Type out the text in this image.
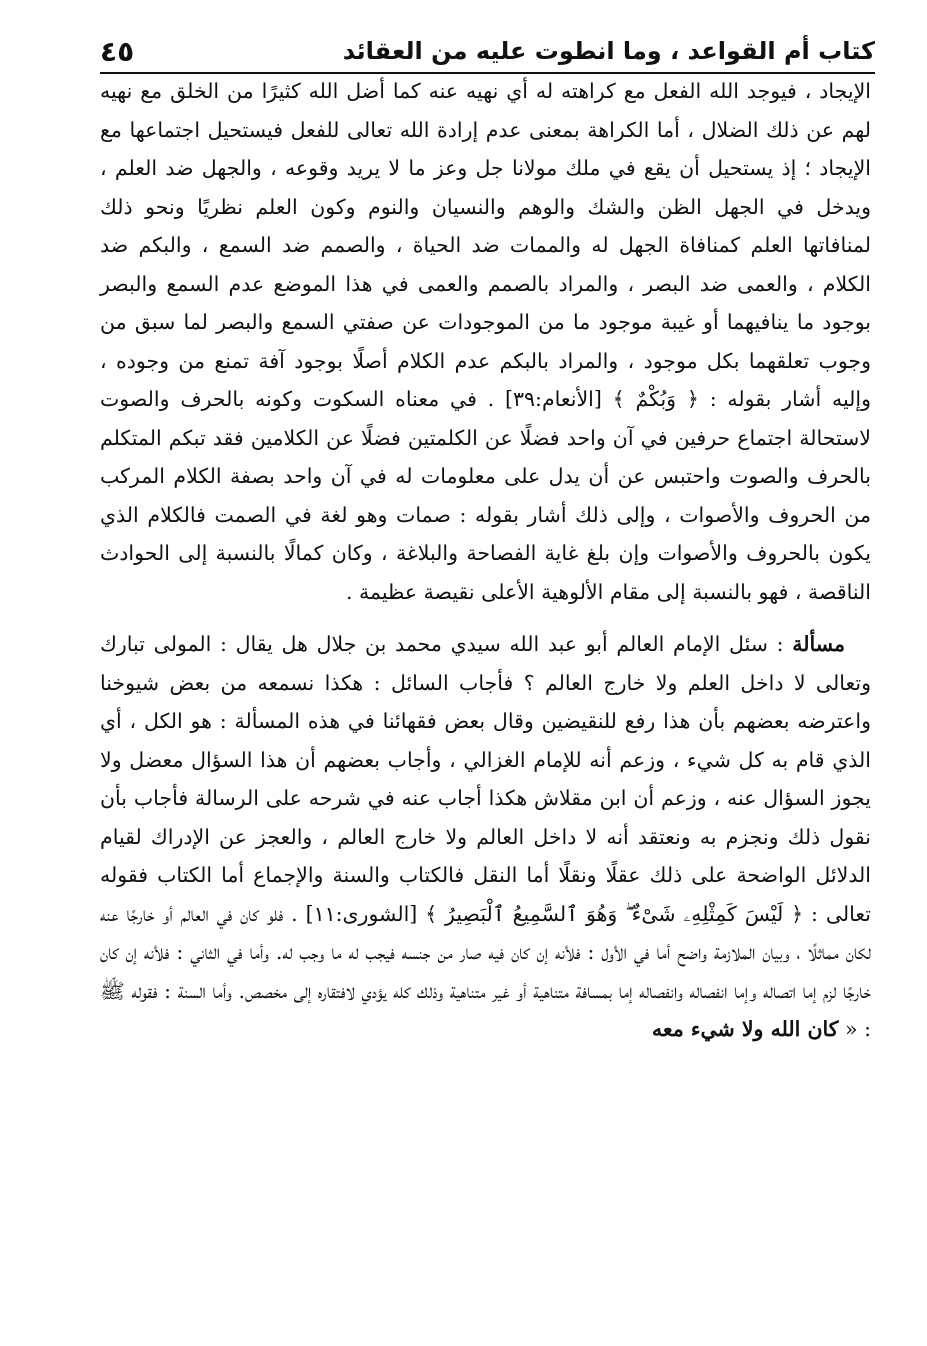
كتاب أم القواعد ، وما انطوت عليه من العقائد
٤٥

الإيجاد ، فيوجد الله الفعل مع كراهته له أي نهيه عنه كما أضل الله كثيرًا من الخلق مع نهيه لهم عن ذلك الضلال ، أما الكراهة بمعنى عدم إرادة الله تعالى للفعل فيستحيل اجتماعها مع الإيجاد ؛ إذ يستحيل أن يقع في ملك مولانا جل وعز ما لا يريد وقوعه ، والجهل ضد العلم ، ويدخل في الجهل الظن والشك والوهم والنسيان والنوم وكون العلم نظريًا ونحو ذلك لمنافاتها العلم كمنافاة الجهل له والممات ضد الحياة ، والصمم ضد السمع ، والبكم ضد الكلام ، والعمى ضد البصر ، والمراد بالصمم والعمى في هذا الموضع عدم السمع والبصر بوجود ما ينافيهما أو غيبة موجود ما من الموجودات عن صفتي السمع والبصر لما سبق من وجوب تعلقهما بكل موجود ، والمراد بالبكم عدم الكلام أصلًا بوجود آفة تمنع من وجوده ، وإليه أشار بقوله : ﴿ وَبُكْمٌ ﴾ [الأنعام:٣٩] . في معناه السكوت وكونه بالحرف والصوت لاستحالة اجتماع حرفين في آن واحد فضلًا عن الكلمتين فضلًا عن الكلامين فقد تبكم المتكلم بالحرف والصوت واحتبس عن أن يدل على معلومات له في آن واحد بصفة الكلام المركب من الحروف والأصوات ، وإلى ذلك أشار بقوله : صمات وهو لغة في الصمت فالكلام الذي يكون بالحروف والأصوات وإن بلغ غاية الفصاحة والبلاغة ، وكان كمالًا بالنسبة إلى الحوادث الناقصة ، فهو بالنسبة إلى مقام الألوهية الأعلى نقيصة عظيمة .

مسألة : سئل الإمام العالم أبو عبد الله سيدي محمد بن جلال هل يقال : المولى تبارك وتعالى لا داخل العلم ولا خارج العالم ؟ فأجاب السائل : هكذا نسمعه من بعض شيوخنا واعترضه بعضهم بأن هذا رفع للنقيضين وقال بعض فقهائنا في هذه المسألة : هو الكل ، أي الذي قام به كل شيء ، وزعم أنه للإمام الغزالي ، وأجاب بعضهم أن هذا السؤال معضل ولا يجوز السؤال عنه ، وزعم أن ابن مقلاش هكذا أجاب عنه في شرحه على الرسالة فأجاب بأن نقول ذلك ونجزم به ونعتقد أنه لا داخل العالم ولا خارج العالم ، والعجز عن الإدراك لقيام الدلائل الواضحة على ذلك عقلًا ونقلًا أما النقل فالكتاب والسنة والإجماع أما الكتاب فقوله تعالى : ﴿ لَيْسَ كَمِثْلِهِۦ شَىْءٌ ۖ وَهُوَ ٱلسَّمِيعُ ٱلْبَصِيرُ ﴾ [الشورى:١١] . فلو كان في العالم أو خارجًا عنه لكان مماثلًا ، وبيان الملازمة واضح أما في الأول : فلأنه إن كان فيه صار من جنسه فيجب له ما وجب له. وأما في الثاني : فلأنه إن كان خارجًا لزم إما اتصاله وإما انفصاله وانفصاله إما بمسافة متناهية أو غير متناهية وذلك كله يؤدي لافتقاره إلى مخصص. وأما السنة : فقوله ﷺ : « كان الله ولا شيء معه
